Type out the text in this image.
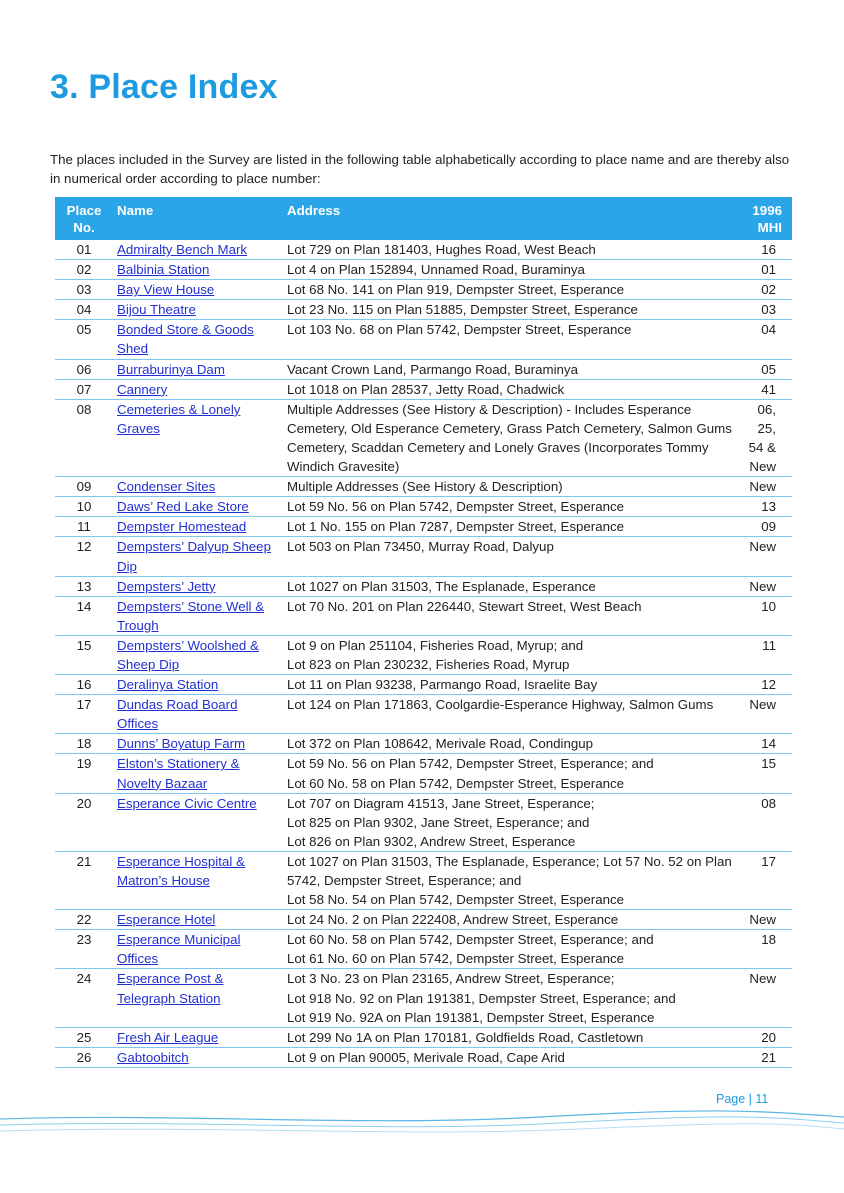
3. Place Index

The places included in the Survey are listed in the following table alphabetically according to place name and are thereby also in numerical order according to place number:

Place No.	Name	Address	1996 MHI
01	Admiralty Bench Mark	Lot 729 on Plan 181403, Hughes Road, West Beach	16
02	Balbinia Station	Lot 4 on Plan 152894, Unnamed Road, Buraminya	01
03	Bay View House	Lot 68 No. 141 on Plan 919, Dempster Street, Esperance	02
04	Bijou Theatre	Lot 23 No. 115 on Plan 51885, Dempster Street, Esperance	03
05	Bonded Store & Goods Shed	Lot 103 No. 68 on Plan 5742, Dempster Street, Esperance	04
06	Burraburinya Dam	Vacant Crown Land, Parmango Road, Buraminya	05
07	Cannery	Lot 1018 on Plan 28537, Jetty Road, Chadwick	41
08	Cemeteries & Lonely Graves	Multiple Addresses (See History & Description) - Includes Esperance Cemetery, Old Esperance Cemetery, Grass Patch Cemetery, Salmon Gums Cemetery, Scaddan Cemetery and Lonely Graves (Incorporates Tommy Windich Gravesite)	06, 25, 54 & New
09	Condenser Sites	Multiple Addresses (See History & Description)	New
10	Daws’ Red Lake Store	Lot 59 No. 56 on Plan 5742, Dempster Street, Esperance	13
11	Dempster Homestead	Lot 1 No. 155 on Plan 7287, Dempster Street, Esperance	09
12	Dempsters’ Dalyup Sheep Dip	Lot 503 on Plan 73450, Murray Road, Dalyup	New
13	Dempsters’ Jetty	Lot 1027 on Plan 31503, The Esplanade, Esperance	New
14	Dempsters’ Stone Well & Trough	Lot 70 No. 201 on Plan 226440, Stewart Street, West Beach	10
15	Dempsters’ Woolshed & Sheep Dip	Lot 9 on Plan 251104, Fisheries Road, Myrup; and
Lot 823 on Plan 230232, Fisheries Road, Myrup	11
16	Deralinya Station	Lot 11 on Plan 93238, Parmango Road, Israelite Bay	12
17	Dundas Road Board Offices	Lot 124 on Plan 171863, Coolgardie-Esperance Highway, Salmon Gums	New
18	Dunns’ Boyatup Farm	Lot 372 on Plan 108642, Merivale Road, Condingup	14
19	Elston’s Stationery & Novelty Bazaar	Lot 59 No. 56 on Plan 5742, Dempster Street, Esperance; and
Lot 60 No. 58 on Plan 5742, Dempster Street, Esperance	15
20	Esperance Civic Centre	Lot 707 on Diagram 41513, Jane Street, Esperance;
Lot 825 on Plan 9302, Jane Street, Esperance; and
Lot 826 on Plan 9302, Andrew Street, Esperance	08
21	Esperance Hospital & Matron’s House	Lot 1027 on Plan 31503, The Esplanade, Esperance; Lot 57 No. 52 on Plan 5742, Dempster Street, Esperance; and
Lot 58 No. 54 on Plan 5742, Dempster Street, Esperance	17
22	Esperance Hotel	Lot 24 No. 2 on Plan 222408, Andrew Street, Esperance	New
23	Esperance Municipal Offices	Lot 60 No. 58 on Plan 5742, Dempster Street, Esperance; and
Lot 61 No. 60 on Plan 5742, Dempster Street, Esperance	18
24	Esperance Post & Telegraph Station	Lot 3 No. 23 on Plan 23165, Andrew Street, Esperance;
Lot 918 No. 92 on Plan 191381, Dempster Street, Esperance; and
Lot 919 No. 92A on Plan 191381, Dempster Street, Esperance	New
25	Fresh Air League	Lot 299 No 1A on Plan 170181, Goldfields Road, Castletown	20
26	Gabtoobitch	Lot 9 on Plan 90005, Merivale Road, Cape Arid	21
Page | 11
